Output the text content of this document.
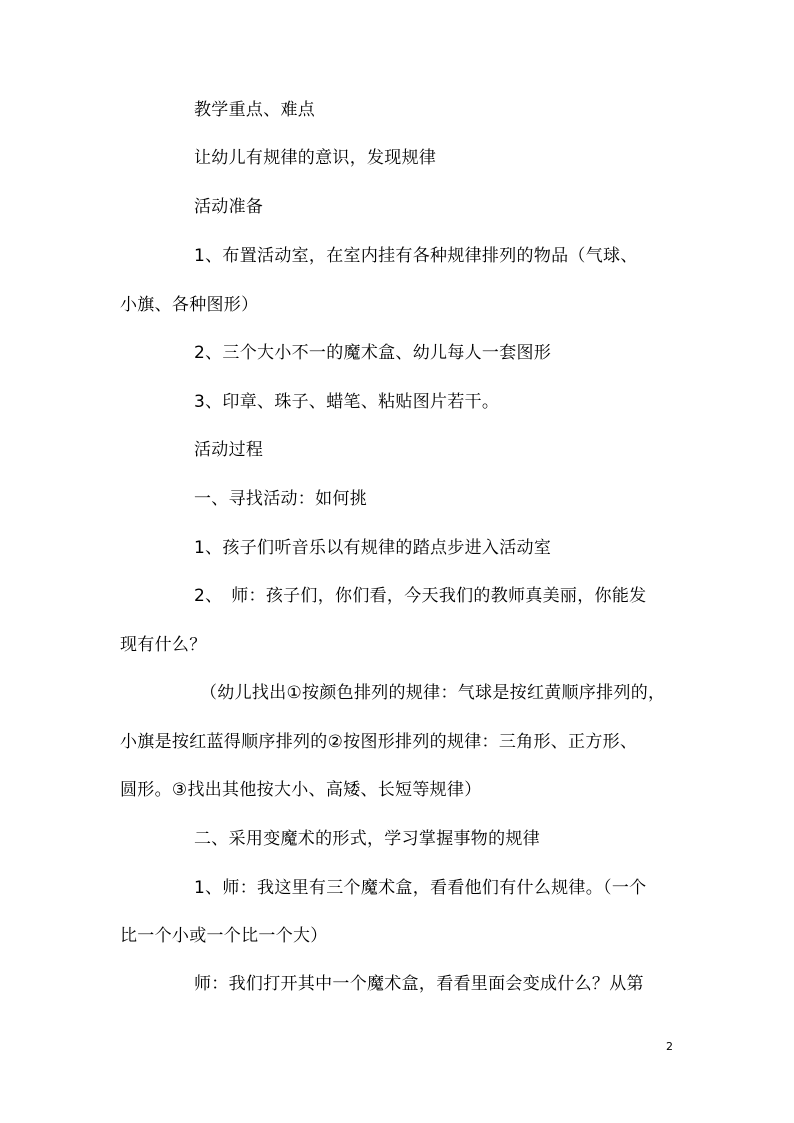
教学重点、难点
让幼儿有规律的意识，发现规律
活动准备
1、布置活动室，在室内挂有各种规律排列的物品（气球、
小旗、各种图形）
2、三个大小不一的魔术盒、幼儿每人一套图形
3、印章、珠子、蜡笔、粘贴图片若干。
活动过程
一、寻找活动：如何挑
1、孩子们听音乐以有规律的踏点步进入活动室
2、　师：孩子们，你们看，今天我们的教师真美丽，你能发
现有什么？
（幼儿找出①按颜色排列的规律：气球是按红黄顺序排列的，
小旗是按红蓝得顺序排列的②按图形排列的规律：三角形、正方形、
圆形。③找出其他按大小、高矮、长短等规律）
二、采用变魔术的形式，学习掌握事物的规律
1、师：我这里有三个魔术盒，看看他们有什么规律。（一个
比一个小或一个比一个大）
师：我们打开其中一个魔术盒，看看里面会变成什么？从第
2
